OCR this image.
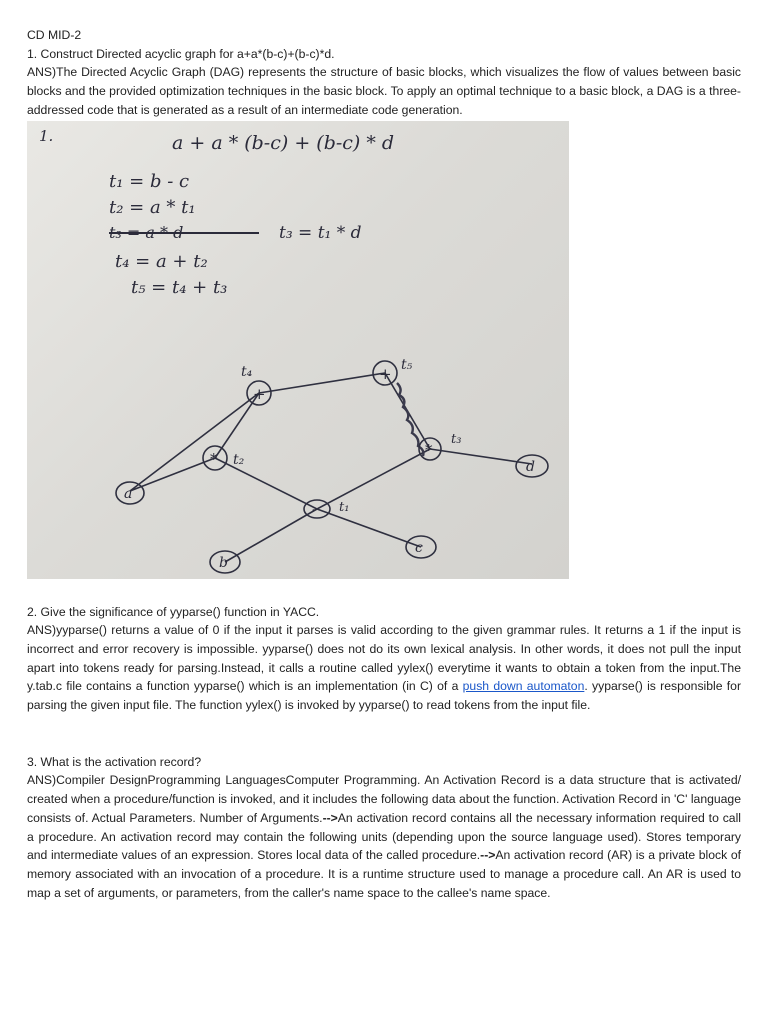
CD MID-2

1. Construct Directed acyclic graph for a+a*(b-c)+(b-c)*d.

ANS)The Directed Acyclic Graph (DAG) represents the structure of basic blocks, which visualizes the flow of values between basic blocks and the provided optimization techniques in the basic block. To apply an optimal technique to a basic block, a DAG is a three-addressed code that is generated as a result of an intermediate code generation.

1.	a + a * (b-c) + (b-c) * d
t₁ = b - c
t₂ = a * t₁
t₃ = a * d	t₃ = t₁ * d
t₄ = a + t₂
t₅ = t₄ + t₃
+
t₄	+ t₅
* t₂
*
t₃
- t₁
a
b
c
d

2. Give the significance of yyparse() function in YACC.

ANS)yyparse() returns a value of 0 if the input it parses is valid according to the given grammar rules. It returns a 1 if the input is incorrect and error recovery is impossible. yyparse() does not do its own lexical analysis. In other words, it does not pull the input apart into tokens ready for parsing.Instead, it calls a routine called yylex() everytime it wants to obtain a token from the input.The y.tab.c file contains a function yyparse() which is an implementation (in C) of a push down automaton. yyparse() is responsible for parsing the given input file. The function yylex() is invoked by yyparse() to read tokens from the input file.

3. What is the activation record?

ANS)Compiler DesignProgramming LanguagesComputer Programming. An Activation Record is a data structure that is activated/ created when a procedure/function is invoked, and it includes the following data about the function. Activation Record in 'C' language consists of. Actual Parameters. Number of Arguments.-->An activation record contains all the necessary information required to call a procedure. An activation record may contain the following units (depending upon the source language used). Stores temporary and intermediate values of an expression. Stores local data of the called procedure.-->An activation record (AR) is a private block of memory associated with an invocation of a procedure. It is a runtime structure used to manage a procedure call. An AR is used to map a set of arguments, or parameters, from the caller's name space to the callee's name space.
